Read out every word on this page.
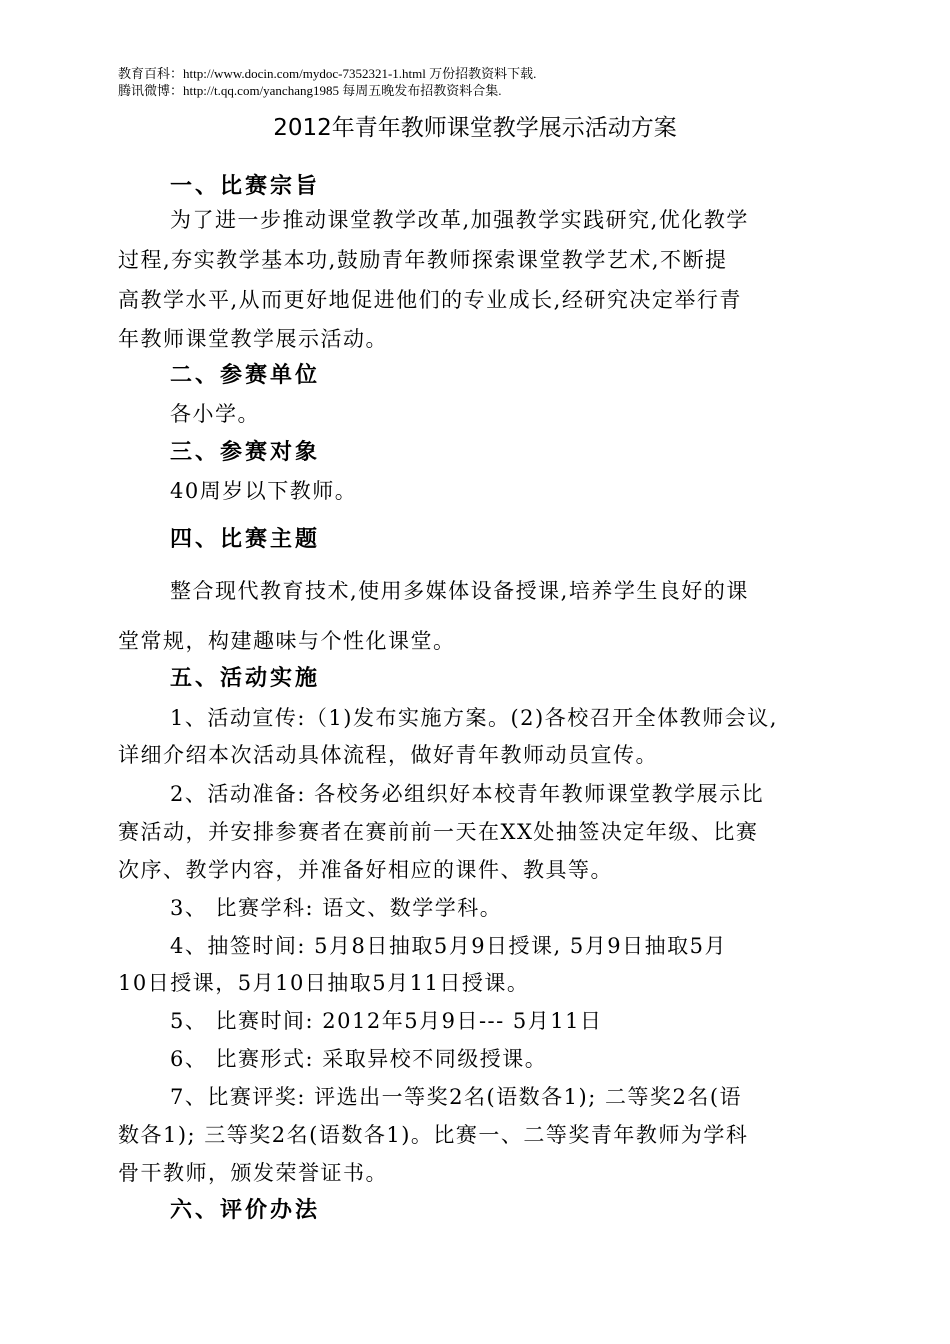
教育百科：http://www.docin.com/mydoc-7352321-1.html 万份招教资料下载.
腾讯微博：http://t.qq.com/yanchang1985 每周五晚发布招教资料合集.
2012年青年教师课堂教学展示活动方案
一、比赛宗旨
为了进一步推动课堂教学改革,加强教学实践研究,优化教学
过程,夯实教学基本功,鼓励青年教师探索课堂教学艺术,不断提
高教学水平,从而更好地促进他们的专业成长,经研究决定举行青
年教师课堂教学展示活动。
二、参赛单位
各小学。
三、参赛对象
40周岁以下教师。
四、比赛主题
整合现代教育技术,使用多媒体设备授课,培养学生良好的课
堂常规，构建趣味与个性化课堂。
五、活动实施
1、活动宣传:（1)发布实施方案。(2)各校召开全体教师会议,
详细介绍本次活动具体流程，做好青年教师动员宣传。
2、活动准备: 各校务必组织好本校青年教师课堂教学展示比
赛活动，并安排参赛者在赛前前一天在XX处抽签决定年级、比赛
次序、教学内容，并准备好相应的课件、教具等。
3、 比赛学科: 语文、数学学科。
4、抽签时间: 5月8日抽取5月9日授课, 5月9日抽取5月
10日授课，5月10日抽取5月11日授课。
5、 比赛时间: 2012年5月9日--- 5月11日
6、 比赛形式: 采取异校不同级授课。
7、比赛评奖: 评选出一等奖2名(语数各1); 二等奖2名(语
数各1); 三等奖2名(语数各1)。比赛一、二等奖青年教师为学科
骨干教师，颁发荣誉证书。
六、评价办法
